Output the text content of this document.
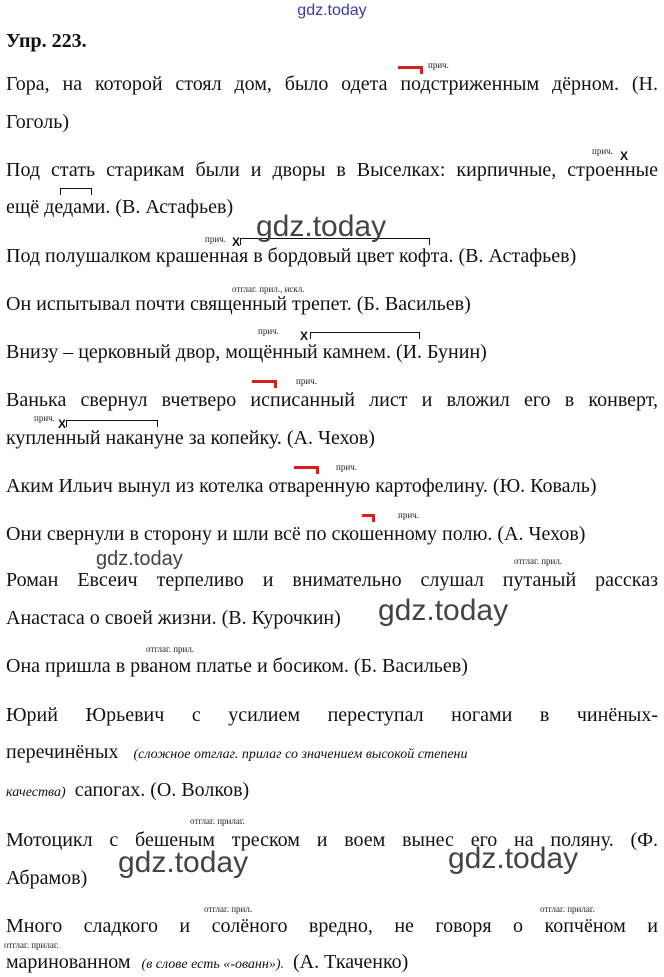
gdz.today
Упр. 223.
прич.
Гора, на которой стоял дом, было одета подстриженным дёрном. (Н.
Гоголь)
прич. Х
Под стать старикам были и дворы в Выселках: кирпичные, строенные
ещё дедами. (В. Астафьев)
прич. Х
Под полушалком крашенная в бордовый цвет кофта. (В. Астафьев)
отглаг. прил., искл.
Он испытывал почти священный трепет. (Б. Васильев)
прич. Х
Внизу – церковный двор, мощённый камнем. (И. Бунин)
прич.
Ванька свернул вчетверо исписанный лист и вложил его в конверт,
прич. Х
купленный накануне за копейку. (А. Чехов)
прич.
Аким Ильич вынул из котелка отваренную картофелину. (Ю. Коваль)
прич.
Они свернули в сторону и шли всё по скошенному полю. (А. Чехов)
отглаг. прил.
Роман Евсеич терпеливо и внимательно слушал путаный рассказ
Анастаса о своей жизни. (В. Курочкин)
отглаг. прил.
Она пришла в рваном платье и босиком. (Б. Васильев)
Юрий Юрьевич с усилием переступал ногами в чинёных-
перечинёных (сложное отглаг. прилаг со значением высокой степени
качества) сапогах. (О. Волков)
отглаг. прилаг.
Мотоцикл с бешеным треском и воем вынес его на поляну. (Ф.
Абрамов)
отглаг. прил.	отглаг. прилаг.
Много сладкого и солёного вредно, не говоря о копчёном и
отглаг. прилаг.
маринованном (в слове есть «-ованн»). (А. Ткаченко)
gdz.today
gdz.today
gdz.today
gdz.today	gdz.today
